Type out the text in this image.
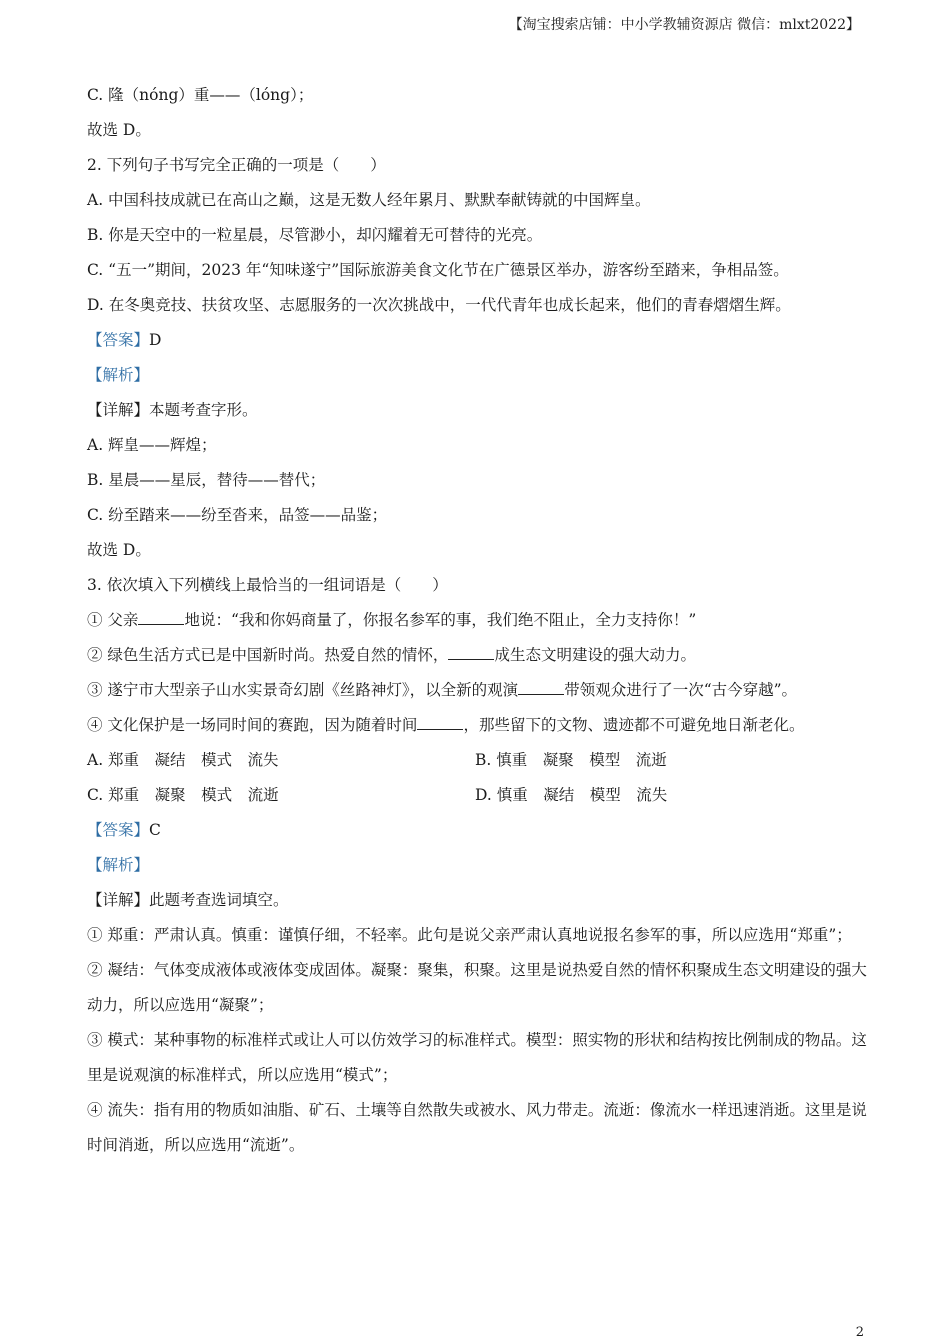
【淘宝搜索店铺：中小学教辅资源店 微信：mlxt2022】
C. 隆（nóng）重——（lóng）；
故选 D。
2. 下列句子书写完全正确的一项是（　　）
A. 中国科技成就已在高山之巅，这是无数人经年累月、默默奉献铸就的中国辉皇。
B. 你是天空中的一粒星晨，尽管渺小，却闪耀着无可替待的光亮。
C. “五一”期间，2023 年“知味遂宁”国际旅游美食文化节在广德景区举办，游客纷至踏来，争相品签。
D. 在冬奥竞技、扶贫攻坚、志愿服务的一次次挑战中，一代代青年也成长起来，他们的青春熠熠生辉。
【答案】D
【解析】
【详解】本题考查字形。
A. 辉皇——辉煌；
B. 星晨——星辰，替待——替代；
C. 纷至踏来——纷至沓来，品签——品鉴；
故选 D。
3. 依次填入下列横线上最恰当的一组词语是（　　）
① 父亲	地说：“我和你妈商量了，你报名参军的事，我们绝不阻止，全力支持你！”
② 绿色生活方式已是中国新时尚。热爱自然的情怀，	成生态文明建设的强大动力。
③ 遂宁市大型亲子山水实景奇幻剧《丝路神灯》，以全新的观演	带领观众进行了一次“古今穿越”。
④ 文化保护是一场同时间的赛跑，因为随着时间	，那些留下的文物、遗迹都不可避免地日渐老化。
A. 郑重　凝结　模式　流失	B. 慎重　凝聚　模型　流逝
C. 郑重　凝聚　模式　流逝	D. 慎重　凝结　模型　流失
【答案】C
【解析】
【详解】此题考查选词填空。
① 郑重：严肃认真。慎重：谨慎仔细，不轻率。此句是说父亲严肃认真地说报名参军的事，所以应选用“郑重”；
② 凝结：气体变成液体或液体变成固体。凝聚：聚集，积聚。这里是说热爱自然的情怀积聚成生态文明建设的强大动力，所以应选用“凝聚”；
③ 模式：某种事物的标准样式或让人可以仿效学习的标准样式。模型：照实物的形状和结构按比例制成的物品。这里是说观演的标准样式，所以应选用“模式”；
④ 流失：指有用的物质如油脂、矿石、土壤等自然散失或被水、风力带走。流逝：像流水一样迅速消逝。这里是说时间消逝，所以应选用“流逝”。
2
